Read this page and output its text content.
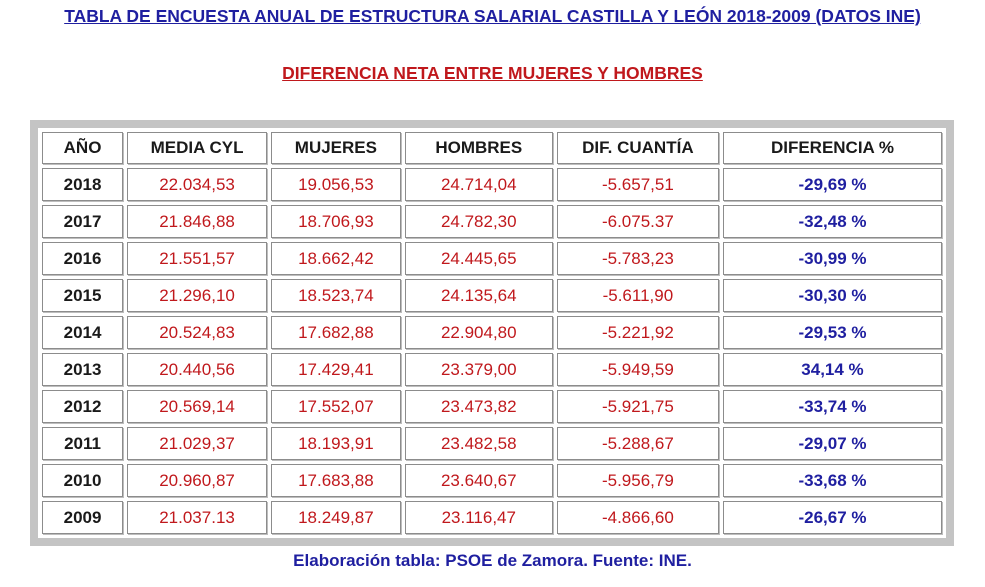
TABLA DE ENCUESTA ANUAL DE ESTRUCTURA SALARIAL CASTILLA Y LEÓN 2018-2009 (DATOS INE)
DIFERENCIA NETA ENTRE MUJERES Y HOMBRES
AÑO	MEDIA CYL	MUJERES	HOMBRES	DIF. CUANTÍA	DIFERENCIA %
2018	22.034,53	19.056,53	24.714,04	-5.657,51	-29,69 %
2017	21.846,88	18.706,93	24.782,30	-6.075.37	-32,48 %
2016	21.551,57	18.662,42	24.445,65	-5.783,23	-30,99 %
2015	21.296,10	18.523,74	24.135,64	-5.611,90	-30,30 %
2014	20.524,83	17.682,88	22.904,80	-5.221,92	-29,53 %
2013	20.440,56	17.429,41	23.379,00	-5.949,59	34,14 %
2012	20.569,14	17.552,07	23.473,82	-5.921,75	-33,74 %
2011	21.029,37	18.193,91	23.482,58	-5.288,67	-29,07 %
2010	20.960,87	17.683,88	23.640,67	-5.956,79	-33,68 %
2009	21.037.13	18.249,87	23.116,47	-4.866,60	-26,67 %
Elaboración tabla: PSOE de Zamora. Fuente: INE.
